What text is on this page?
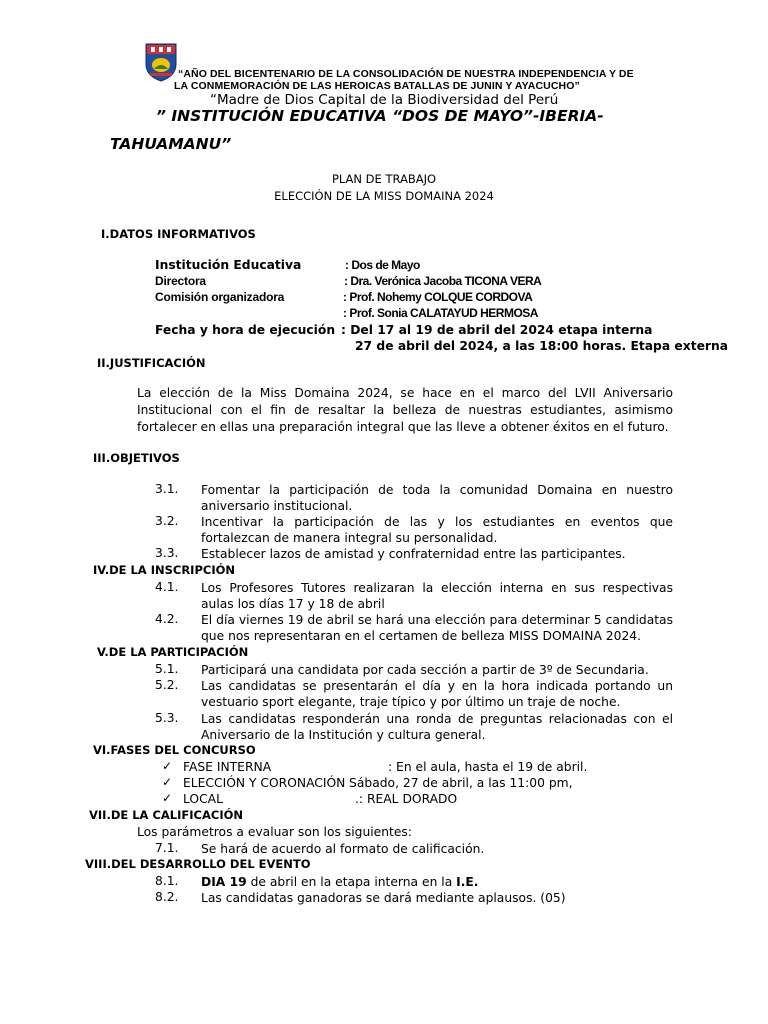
“AÑO DEL BICENTENARIO DE LA CONSOLIDACIÓN DE NUESTRA INDEPENDENCIA Y DE
LA CONMEMORACIÓN DE LAS HEROICAS BATALLAS DE JUNIN Y AYACUCHO”
“Madre de Dios Capital de la Biodiversidad del Perú
” INSTITUCIÓN EDUCATIVA “DOS DE MAYO”-IBERIA-
TAHUAMANU”
PLAN DE TRABAJO
ELECCIÓN DE LA MISS DOMAINA 2024
I.DATOS INFORMATIVOS
Institución Educativa	: Dos de Mayo
Directora	: Dra. Verónica Jacoba TICONA VERA
Comisión organizadora	: Prof. Nohemy COLQUE CORDOVA
: Prof. Sonia CALATAYUD HERMOSA
Fecha y hora de ejecución : Del 17 al 19 de abril del 2024 etapa interna
27 de abril del 2024, a las 18:00 horas. Etapa externa
II.JUSTIFICACIÓN
La elección de la Miss Domaina 2024, se hace en el marco del LVII Aniversario Institucional con el fin de resaltar la belleza de nuestras estudiantes, asimismo fortalecer en ellas una preparación integral que las lleve a obtener éxitos en el futuro.
III.OBJETIVOS
3.1. Fomentar la participación de toda la comunidad Domaina en nuestro aniversario institucional.
3.2. Incentivar la participación de las y los estudiantes en eventos que fortalezcan de manera integral su personalidad.
3.3. Establecer lazos de amistad y confraternidad entre las participantes.
IV.DE LA INSCRIPCIÓN
4.1. Los Profesores Tutores realizaran la elección interna en sus respectivas aulas los días 17 y 18 de abril
4.2. El día viernes 19 de abril se hará una elección para determinar 5 candidatas que nos representaran en el certamen de belleza MISS DOMAINA 2024.
V.DE LA PARTICIPACIÓN
5.1. Participará una candidata por cada sección a partir de 3º de Secundaria.
5.2. Las candidatas se presentarán el día y en la hora indicada portando un vestuario sport elegante, traje típico y por último un traje de noche.
5.3. Las candidatas responderán una ronda de preguntas relacionadas con el Aniversario de la Institución y cultura general.
VI.FASES DEL CONCURSO
✓ FASE INTERNA	: En el aula, hasta el 19 de abril.
✓ ELECCIÓN Y CORONACIÓN
: Sábado, 27 de abril, a las 11:00 pm,
✓ LOCAL	.: REAL DORADO
VII.DE LA CALIFICACIÓN
Los parámetros a evaluar son los siguientes:
7.1. Se hará de acuerdo al formato de calificación.
VIII.DEL DESARROLLO DEL EVENTO
8.1. DIA 19 de abril en la etapa interna en la I.E.
8.2. Las candidatas ganadoras se dará mediante aplausos. (05)
